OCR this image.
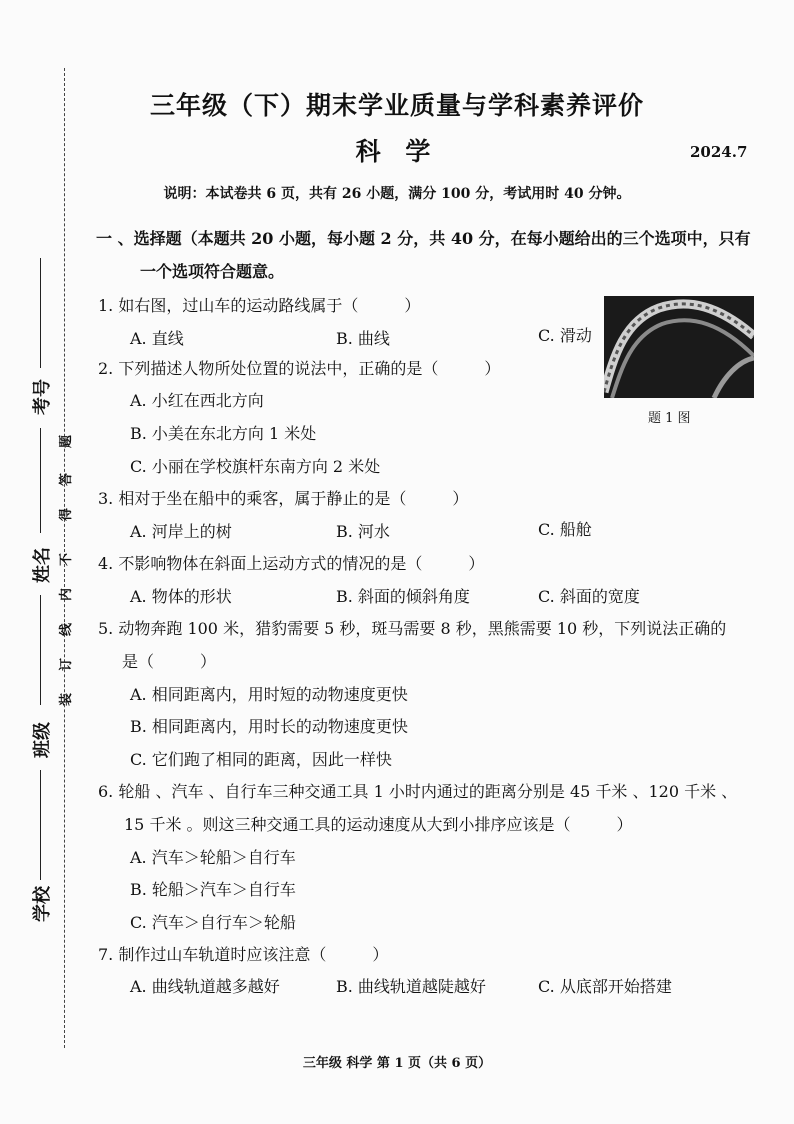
考号
姓名
班级
学校
装
订
线
内
不
得
答
题
三年级（下）期末学业质量与学科素养评价
科 学	2024.7
说明：本试卷共 6 页，共有 26 小题，满分 100 分，考试用时 40 分钟。
一 、选择题（本题共 20 小题，每小题 2 分，共 40 分，在每小题给出的三个选项中，只有
一个选项符合题意。
1. 如右图，过山车的运动路线属于（	）
A. 直线	B. 曲线	C. 滑动
题 1 图
2. 下列描述人物所处位置的说法中，正确的是（	）
A. 小红在西北方向
B. 小美在东北方向 1 米处
C. 小丽在学校旗杆东南方向 2 米处
3. 相对于坐在船中的乘客，属于静止的是（	）
A. 河岸上的树	B. 河水	C. 船舱
4. 不影响物体在斜面上运动方式的情况的是（	）
A. 物体的形状	B. 斜面的倾斜角度	C. 斜面的宽度
5. 动物奔跑 100 米，猎豹需要 5 秒，斑马需要 8 秒，黑熊需要 10 秒，下列说法正确的
是（	）
A. 相同距离内，用时短的动物速度更快
B. 相同距离内，用时长的动物速度更快
C. 它们跑了相同的距离，因此一样快
6. 轮船 、汽车 、自行车三种交通工具 1 小时内通过的距离分别是 45 千米 、120 千米 、
15 千米 。则这三种交通工具的运动速度从大到小排序应该是（	）
A. 汽车＞轮船＞自行车
B. 轮船＞汽车＞自行车
C. 汽车＞自行车＞轮船
7. 制作过山车轨道时应该注意（	）
A. 曲线轨道越多越好	B. 曲线轨道越陡越好	C. 从底部开始搭建
三年级 科学 第 1 页（共 6 页）
